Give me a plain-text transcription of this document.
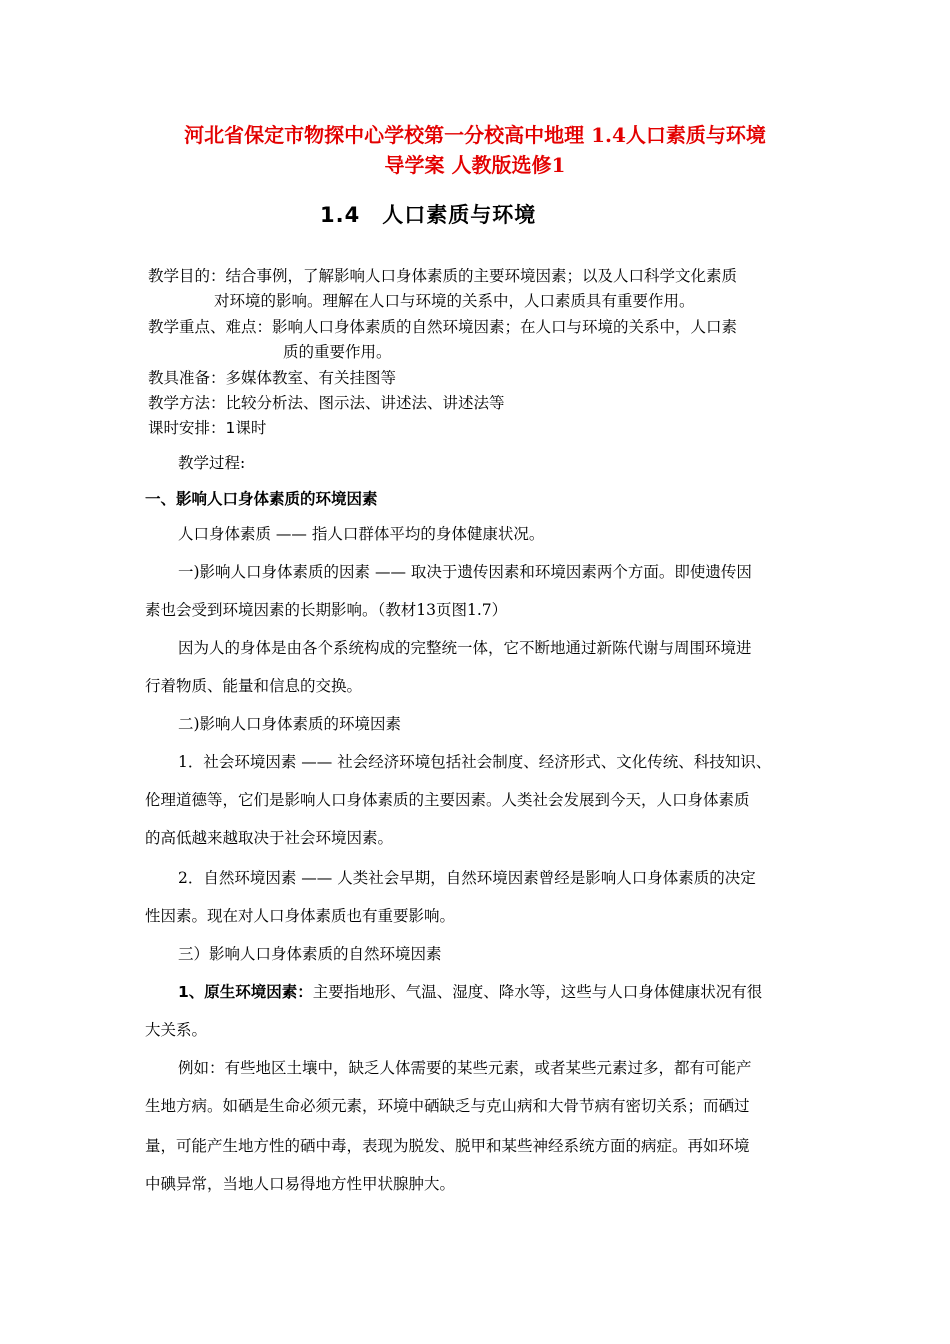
河北省保定市物探中心学校第一分校高中地理 1.4人口素质与环境
导学案 人教版选修1
1.4　人口素质与环境
教学目的：结合事例，了解影响人口身体素质的主要环境因素；以及人口科学文化素质
对环境的影响。理解在人口与环境的关系中，人口素质具有重要作用。
教学重点、难点：影响人口身体素质的自然环境因素；在人口与环境的关系中，人口素
质的重要作用。
教具准备：多媒体教室、有关挂图等
教学方法：比较分析法、图示法、讲述法、讲述法等
课时安排：1课时
教学过程:
一、影响人口身体素质的环境因素
人口身体素质 —— 指人口群体平均的身体健康状况。
一)影响人口身体素质的因素 —— 取决于遗传因素和环境因素两个方面。即使遗传因
素也会受到环境因素的长期影响。（教材13页图1.7）
因为人的身体是由各个系统构成的完整统一体，它不断地通过新陈代谢与周围环境进
行着物质、能量和信息的交换。
二)影响人口身体素质的环境因素
1．社会环境因素 —— 社会经济环境包括社会制度、经济形式、文化传统、科技知识、
伦理道德等，它们是影响人口身体素质的主要因素。人类社会发展到今天，人口身体素质
的高低越来越取决于社会环境因素。
2．自然环境因素 —— 人类社会早期，自然环境因素曾经是影响人口身体素质的决定
性因素。现在对人口身体素质也有重要影响。
三）影响人口身体素质的自然环境因素
1、原生环境因素：主要指地形、气温、湿度、降水等，这些与人口身体健康状况有很
大关系。
例如：有些地区土壤中，缺乏人体需要的某些元素，或者某些元素过多，都有可能产
生地方病。如硒是生命必须元素，环境中硒缺乏与克山病和大骨节病有密切关系；而硒过
量，可能产生地方性的硒中毒，表现为脱发、脱甲和某些神经系统方面的病症。再如环境
中碘异常，当地人口易得地方性甲状腺肿大。
